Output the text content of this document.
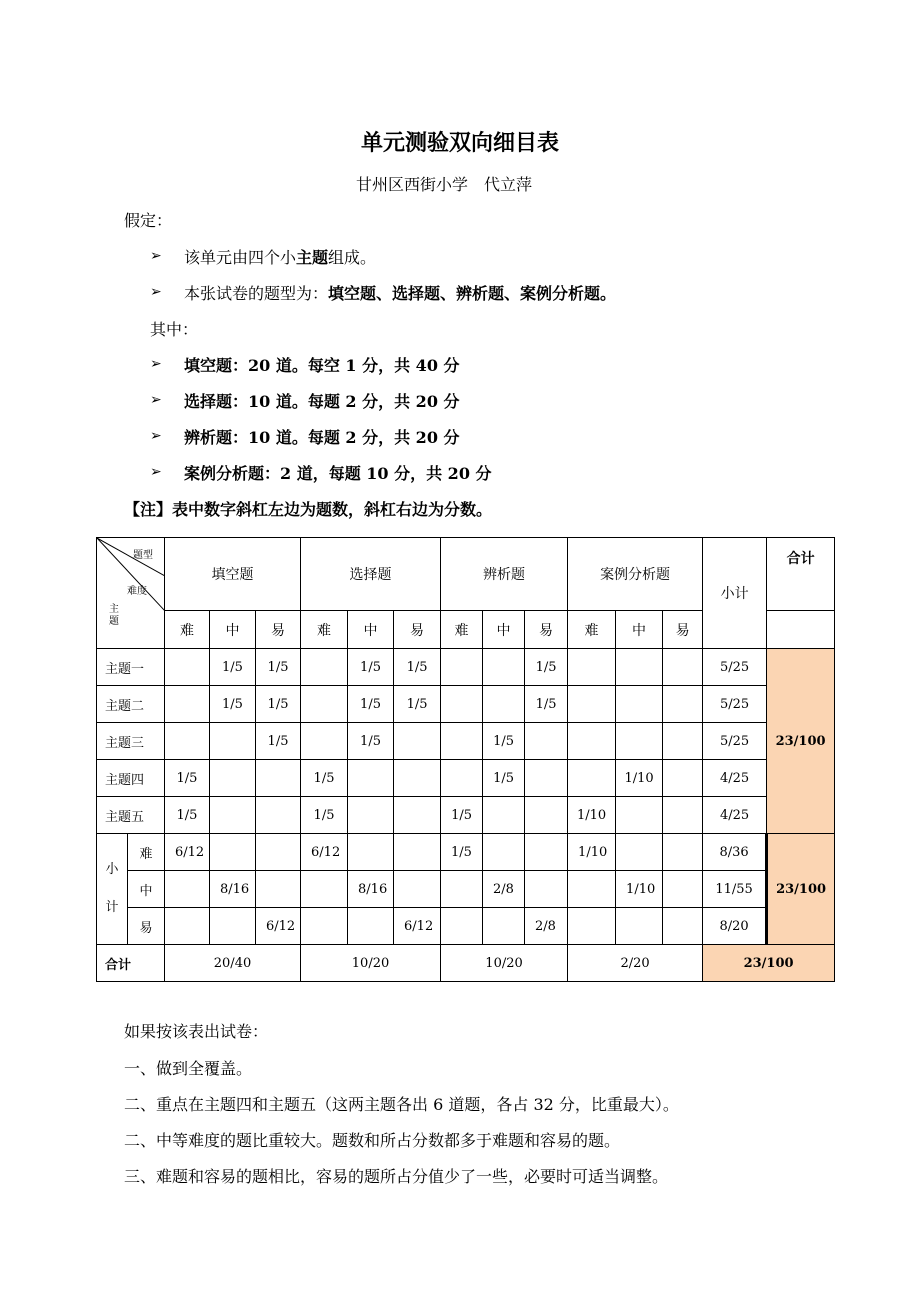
单元测验双向细目表
甘州区西街小学　代立萍
假定：
➢ 该单元由四个小主题组成。
➢ 本张试卷的题型为：填空题、选择题、辨析题、案例分析题。
其中：
➢ 填空题：20 道。每空 1 分，共 40 分
➢ 选择题：10 道。每题 2 分，共 20 分
➢ 辨析题：10 道。每题 2 分，共 20 分
➢ 案例分析题：2 道，每题 10 分，共 20 分
【注】表中数字斜杠左边为题数，斜杠右边为分数。
题型
难度
主
题		填空题			选择题			辨析题			案例分析题			小计	合计
		难	中	易	难	中	易	难	中	易	难	中	易		
主题一			1/5	1/5		1/5	1/5			1/5				5/25	23/100
主题二			1/5	1/5		1/5	1/5			1/5				5/25	
主题三				1/5		1/5			1/5					5/25	
主题四		1/5			1/5				1/5			1/10		4/25	
主题五		1/5			1/5			1/5			1/10			4/25	
小
计	难	6/12			6/12			1/5			1/10			8/36	23/100
	中		8/16			8/16			2/8			1/10		11/55	
	易			6/12			6/12			2/8				8/20	
合计		20/40			10/20			10/20			2/20			23/100	
如果按该表出试卷：
一、做到全覆盖。
二、重点在主题四和主题五（这两主题各出 6 道题，各占 32 分，比重最大）。
二、中等难度的题比重较大。题数和所占分数都多于难题和容易的题。
三、难题和容易的题相比，容易的题所占分值少了一些，必要时可适当调整。
